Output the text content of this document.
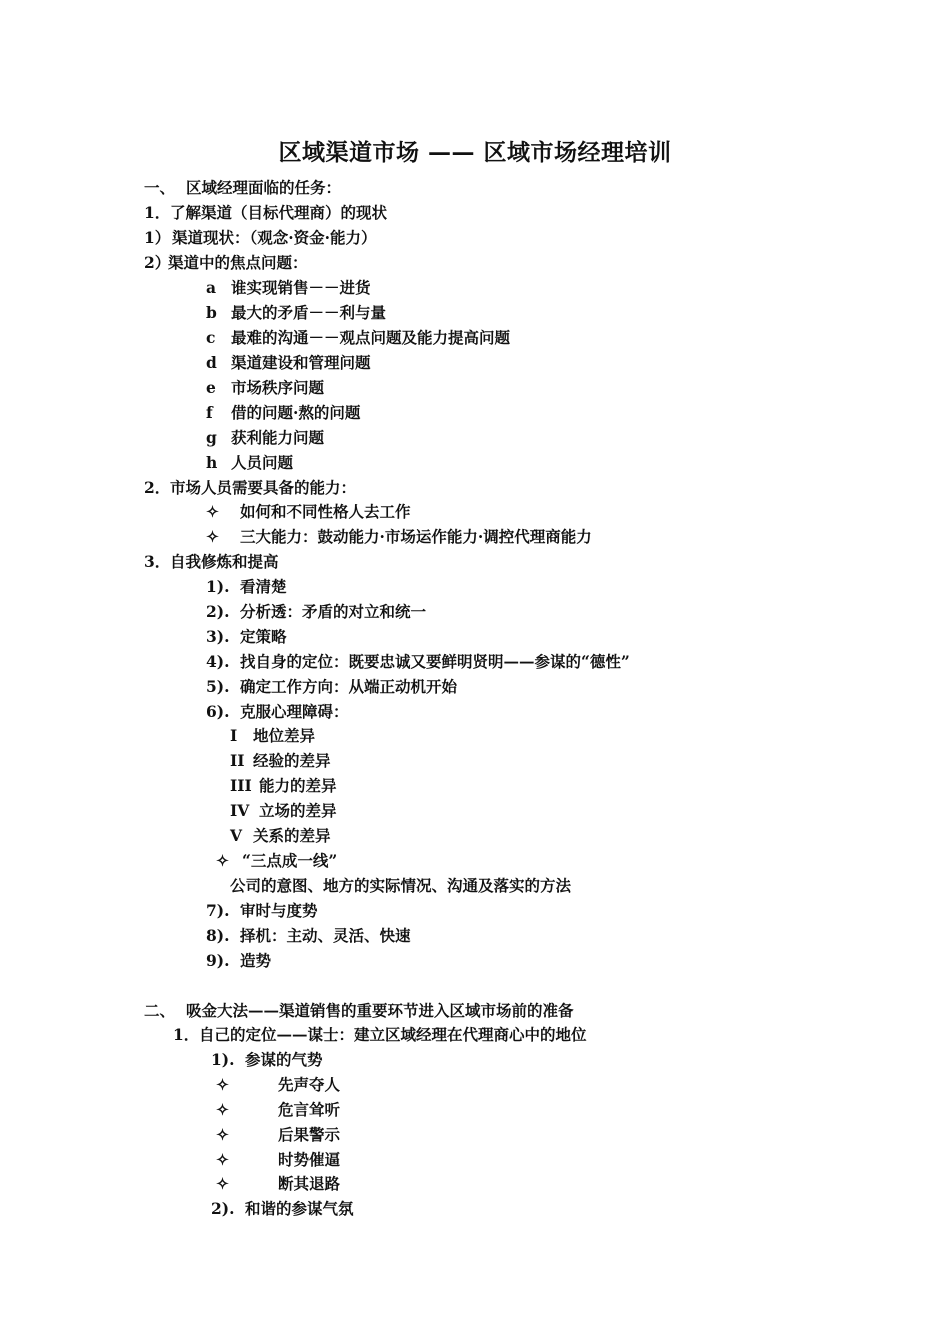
区域渠道市场 —— 区域市场经理培训
一、 区域经理面临的任务：
1．了解渠道（目标代理商）的现状
1） 渠道现状：（观念·资金·能力）
2）渠道中的焦点问题：
a 谁实现销售－－进货
b 最大的矛盾－－利与量
c 最难的沟通－－观点问题及能力提高问题
d 渠道建设和管理问题
e 市场秩序问题
f 借的问题·熬的问题
g 获利能力问题
h 人员问题
2．市场人员需要具备的能力：
✧ 如何和不同性格人去工作
✧ 三大能力：鼓动能力·市场运作能力·调控代理商能力
3．自我修炼和提高
1). 看清楚
2). 分析透：矛盾的对立和统一
3). 定策略
4). 找自身的定位：既要忠诚又要鲜明贤明——参谋的“德性”
5). 确定工作方向：从端正动机开始
6). 克服心理障碍：
I 地位差异
II 经验的差异
III 能力的差异
IV 立场的差异
V 关系的差异
✧ “三点成一线”
公司的意图、地方的实际情况、沟通及落实的方法
7). 审时与度势
8). 择机：主动、灵活、快速
9). 造势
二、 吸金大法——渠道销售的重要环节进入区域市场前的准备
1．自己的定位——谋士：建立区域经理在代理商心中的地位
1). 参谋的气势
✧	先声夺人
✧	危言耸听
✧	后果警示
✧	时势催逼
✧	断其退路
2). 和谐的参谋气氛
